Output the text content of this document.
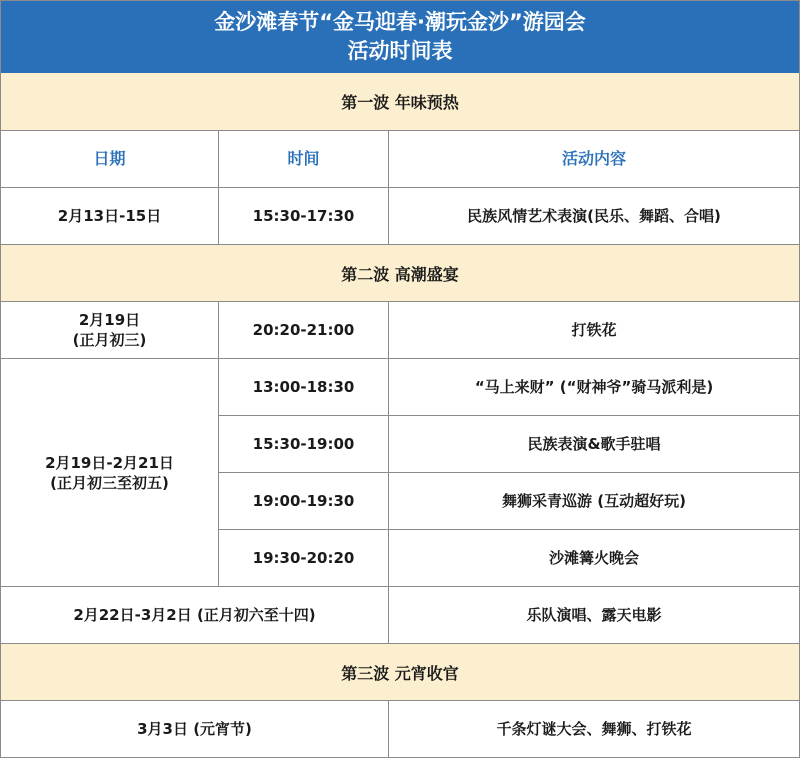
金沙滩春节“金马迎春·潮玩金沙”游园会
活动时间表
第一波 年味预热
日期	时间	活动内容
2月13日-15日	15:30-17:30	民族风情艺术表演(民乐、舞蹈、合唱)
第二波 高潮盛宴
2月19日
(正月初三)
20:20-21:00	打铁花
2月19日-2月21日
(正月初三至初五)
13:00-18:30	“马上来财” (“财神爷”骑马派利是)
15:30-19:00	民族表演&歌手驻唱
19:00-19:30	舞狮采青巡游 (互动超好玩)
19:30-20:20	沙滩篝火晚会
2月22日-3月2日 (正月初六至十四)	乐队演唱、露天电影
第三波 元宵收官
3月3日 (元宵节)	千条灯谜大会、舞狮、打铁花
